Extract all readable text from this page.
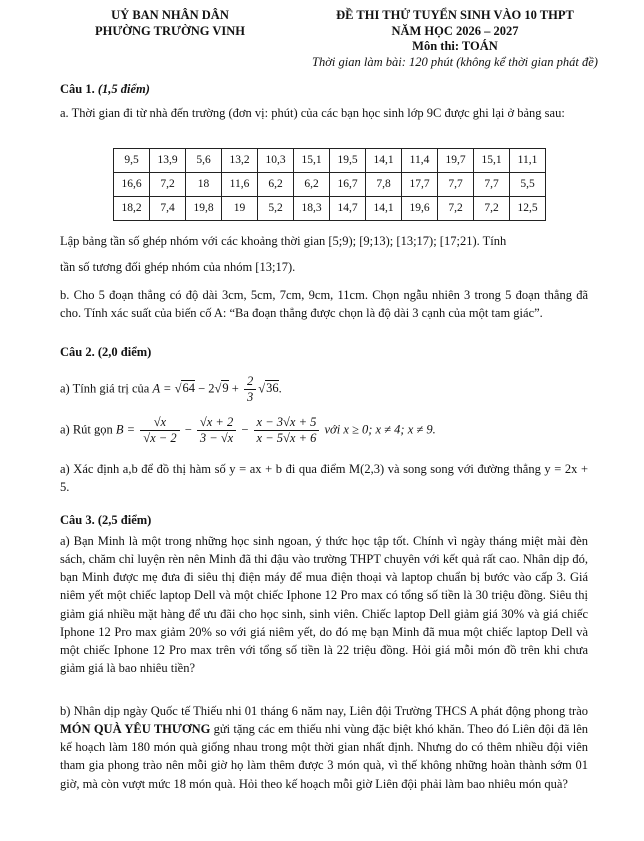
UỶ BAN NHÂN DÂN
PHƯỜNG TRƯỜNG VINH
ĐỀ THI THỬ TUYỂN SINH VÀO 10 THPT
NĂM HỌC 2026 – 2027
Môn thi: TOÁN
Thời gian làm bài: 120 phút (không kể thời gian phát đề)
Câu 1. (1,5 điểm)
a. Thời gian đi từ nhà đến trường (đơn vị: phút) của các bạn học sinh lớp 9C được ghi lại ở bảng sau:
9,5	13,9	5,6	13,2	10,3	15,1	19,5	14,1	11,4	19,7	15,1	11,1
16,6	7,2	18	11,6	6,2	6,2	16,7	7,8	17,7	7,7	7,7	5,5
18,2	7,4	19,8	19	5,2	18,3	14,7	14,1	19,6	7,2	7,2	12,5
Lập bảng tần số ghép nhóm với các khoảng thời gian [5;9); [9;13); [13;17); [17;21). Tính
tần số tương đối ghép nhóm của nhóm [13;17).
b. Cho 5 đoạn thẳng có độ dài 3cm, 5cm, 7cm, 9cm, 11cm. Chọn ngẫu nhiên 3 trong 5 đoạn thẳng đã cho. Tính xác suất của biến cố A: “Ba đoạn thẳng được chọn là độ dài 3 cạnh của một tam giác”.
Câu 2. (2,0 điểm)
a) Tính giá trị của $A = √64 - 2√9 + \frac{2}{3} √36$.
a) Rút gọn $B = \frac{√x}{√x - 2} - \frac{√x + 2}{3 - √x} - \frac{x - 3√x + 5}{x - 5√x + 6}$ với x ≥ 0; x ≠ 4; x ≠ 9.
a) Xác định a,b để đồ thị hàm số y = ax + b đi qua điểm M(2,3) và song song với đường thẳng y = 2x + 5.
Câu 3. (2,5 điểm)
a) Bạn Minh là một trong những học sinh ngoan, ý thức học tập tốt. Chính vì ngày tháng miệt mài đèn sách, chăm chỉ luyện rèn nên Minh đã thi đậu vào trường THPT chuyên với kết quả rất cao. Nhân dịp đó, bạn Minh được mẹ đưa đi siêu thị điện máy để mua điện thoại và laptop chuẩn bị bước vào cấp 3. Giá niêm yết một chiếc laptop Dell và một chiếc Iphone 12 Pro max có tổng số tiền là 30 triệu đồng. Siêu thị giảm giá nhiều mặt hàng để ưu đãi cho học sinh, sinh viên. Chiếc laptop Dell giảm giá 30% và giá chiếc Iphone 12 Pro max giảm 20% so với giá niêm yết, do đó mẹ bạn Minh đã mua một chiếc laptop Dell và một chiếc Iphone 12 Pro max trên với tổng số tiền là 22 triệu đồng. Hỏi giá mỗi món đồ trên khi chưa giảm giá là bao nhiêu tiền?
b) Nhân dịp ngày Quốc tế Thiếu nhi 01 tháng 6 năm nay, Liên đội Trường THCS A phát động phong trào MÓN QUÀ YÊU THƯƠNG gửi tặng các em thiếu nhi vùng đặc biệt khó khăn. Theo đó Liên đội đã lên kế hoạch làm 180 món quà giống nhau trong một thời gian nhất định. Nhưng do có thêm nhiều đội viên tham gia phong trào nên mỗi giờ họ làm thêm được 3 món quà, vì thế không những hoàn thành sớm 01 giờ, mà còn vượt mức 18 món quà. Hỏi theo kế hoạch mỗi giờ Liên đội phải làm bao nhiêu món quà?
